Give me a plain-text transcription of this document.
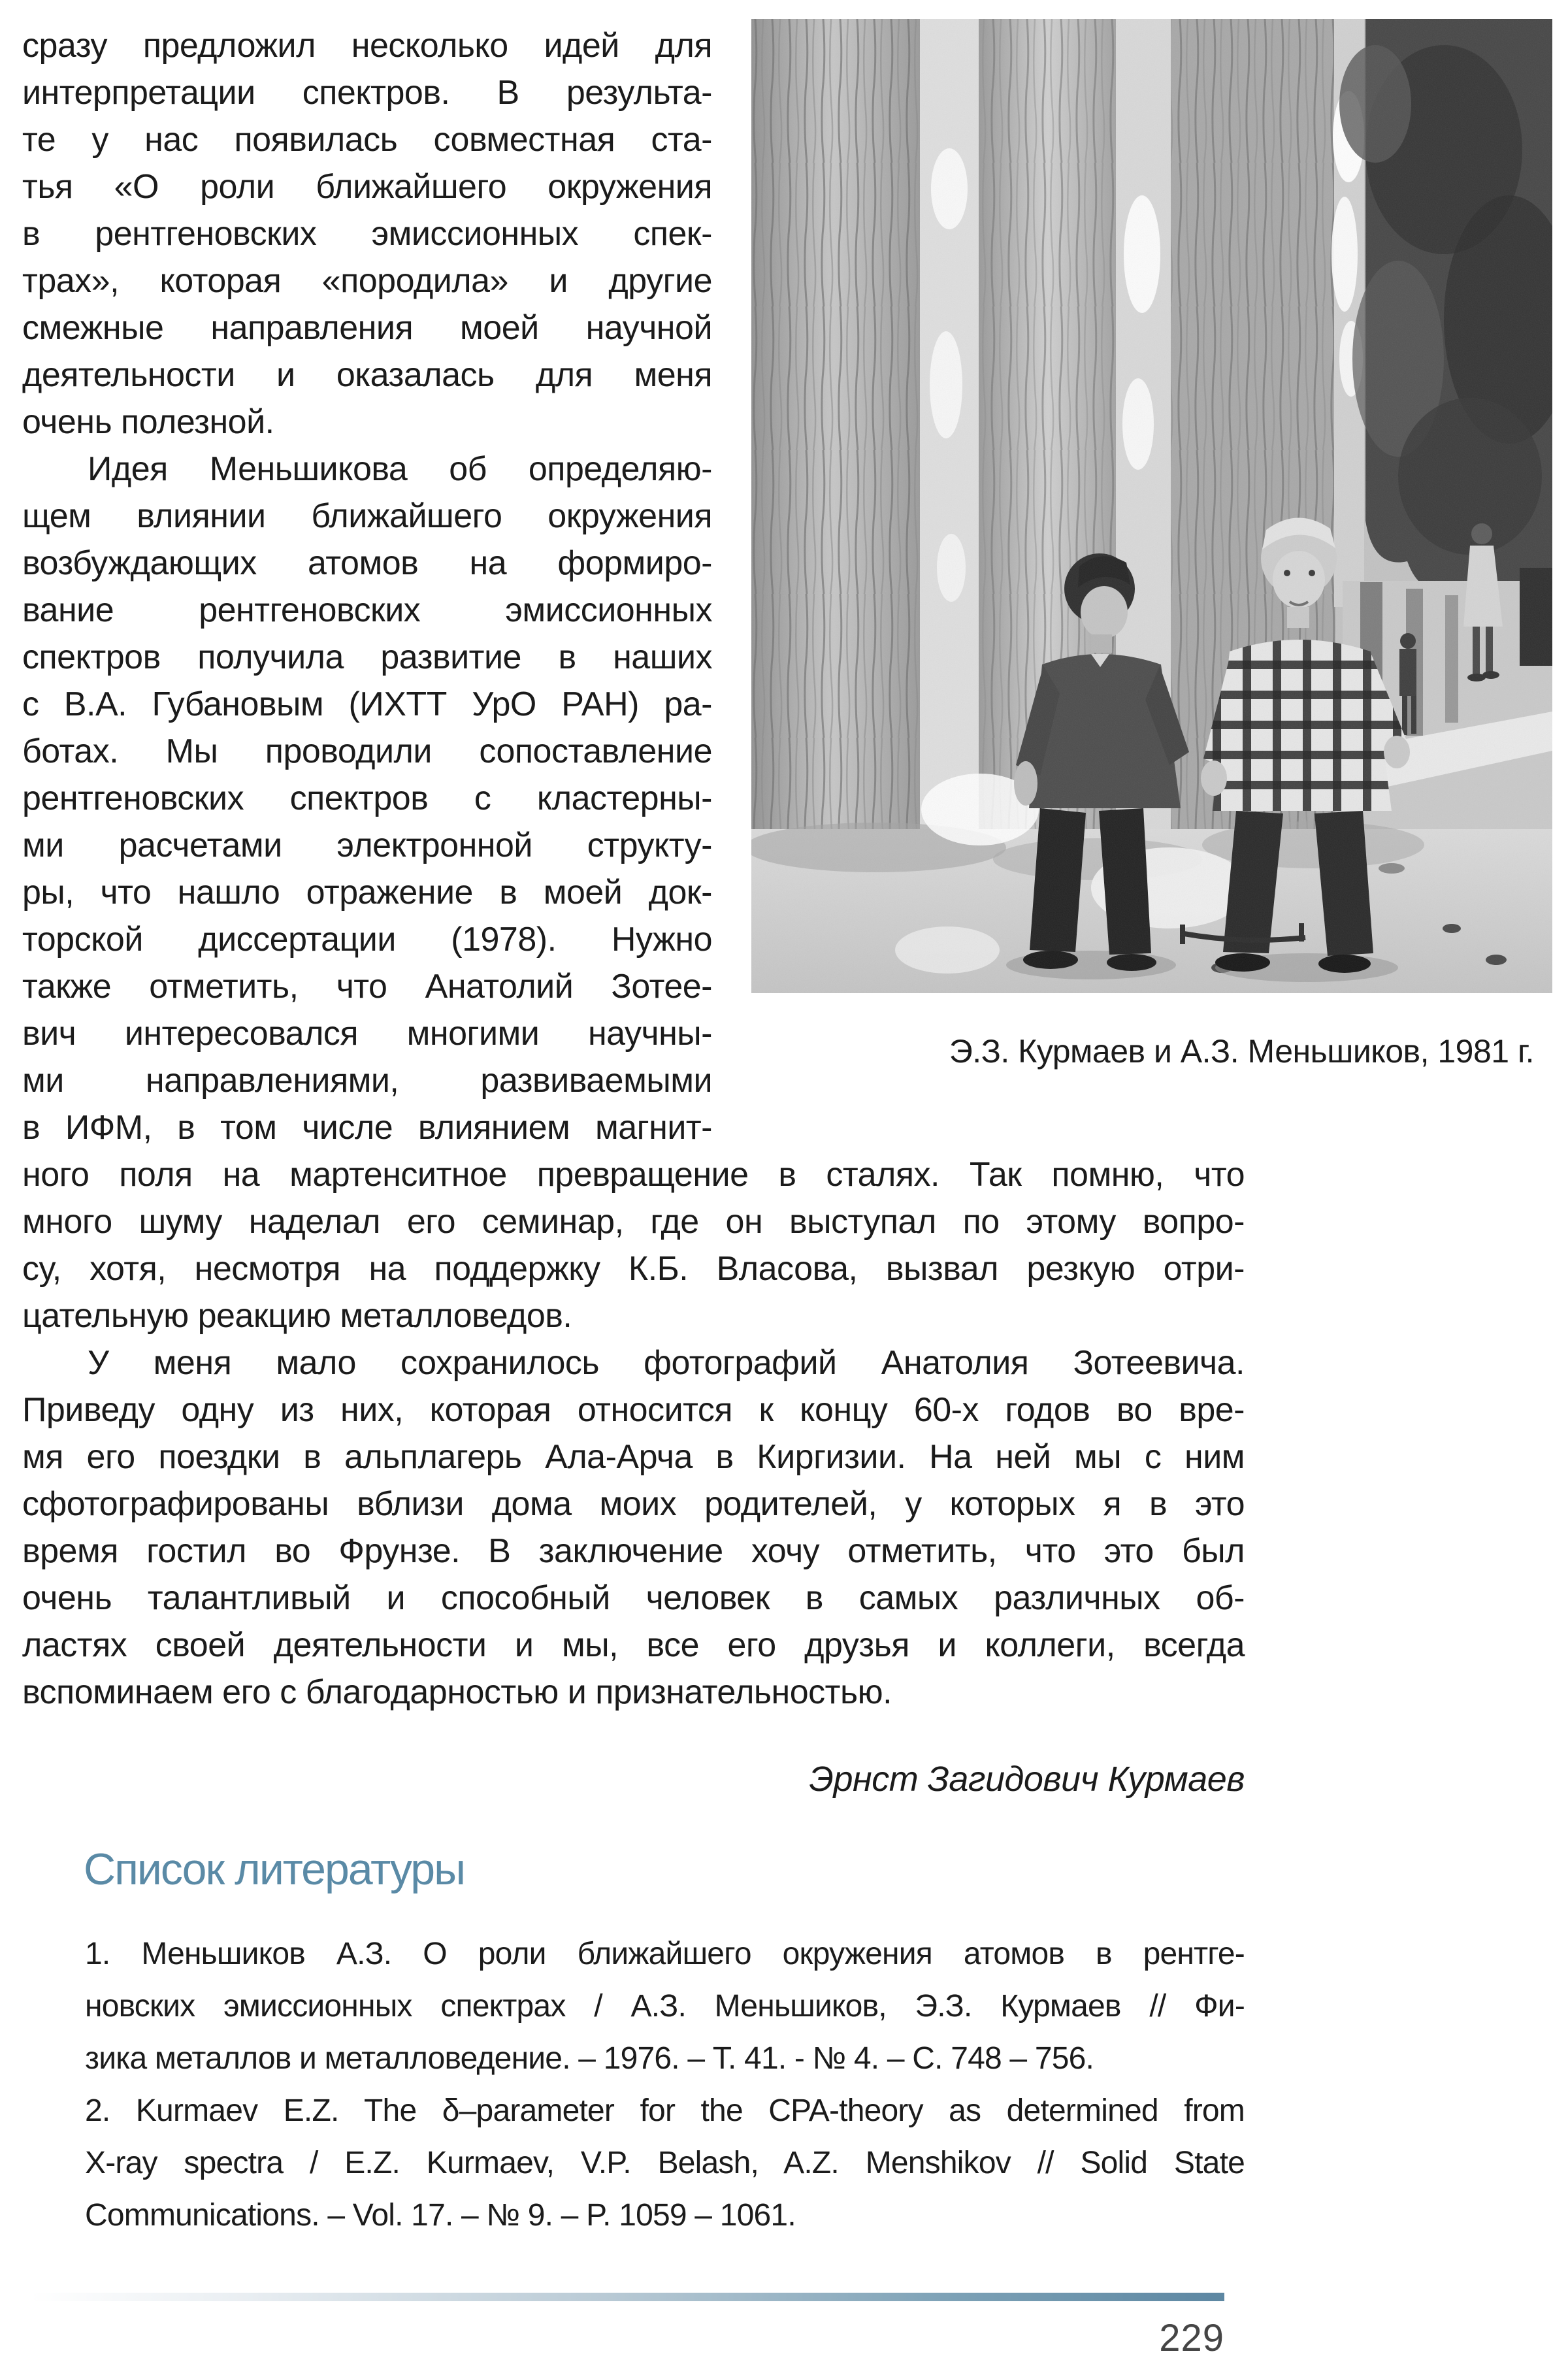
сразу предложил несколько идей для
интерпретации спектров. В результа-
те у нас появилась совместная ста-
тья «О роли ближайшего окружения
в рентгеновских эмиссионных спек-
трах», которая «породила» и другие
смежные направления моей научной
деятельности и оказалась для меня
очень полезной.
Идея Меньшикова об определяю-
щем влиянии ближайшего окружения
возбуждающих атомов на формиро-
вание рентгеновских эмиссионных
спектров получила развитие в наших
с В.А. Губановым (ИХТТ УрО РАН) ра-
ботах. Мы проводили сопоставление
рентгеновских спектров с кластерны-
ми расчетами электронной структу-
ры, что нашло отражение в моей док-
торской диссертации (1978). Нужно
также отметить, что Анатолий Зотее-
вич интересовался многими научны-
ми направлениями, развиваемыми
в ИФМ, в том числе влиянием магнит-
Э.З. Курмаев и А.З. Меньшиков, 1981 г.
ного поля на мартенситное превращение в сталях. Так помню, что
много шуму наделал его семинар, где он выступал по этому вопро-
су, хотя, несмотря на поддержку К.Б. Власова, вызвал резкую отри-
цательную реакцию металловедов.
У меня мало сохранилось фотографий Анатолия Зотеевича.
Приведу одну из них, которая относится к концу 60-х годов во вре-
мя его поездки в альплагерь Ала-Арча в Киргизии. На ней мы с ним
сфотографированы вблизи дома моих родителей, у которых я в это
время гостил во Фрунзе. В заключение хочу отметить, что это был
очень талантливый и способный человек в самых различных об-
ластях своей деятельности и мы, все его друзья и коллеги, всегда
вспоминаем его с благодарностью и признательностью.
Эрнст Загидович Курмаев
Список литературы
1. Меньшиков А.З. О роли ближайшего окружения атомов в рентге-
новских эмиссионных спектрах / А.З. Меньшиков, Э.З. Курмаев // Фи-
зика металлов и металловедение. – 1976. – Т. 41. - № 4. – С. 748 – 756.
2. Kurmaev E.Z. The δ–parameter for the CPA-theory as determined from
X-ray spectra / E.Z. Kurmaev, V.P. Belash, A.Z. Menshikov // Solid State
Communications. – Vol. 17. – № 9. – P. 1059 – 1061.
229
